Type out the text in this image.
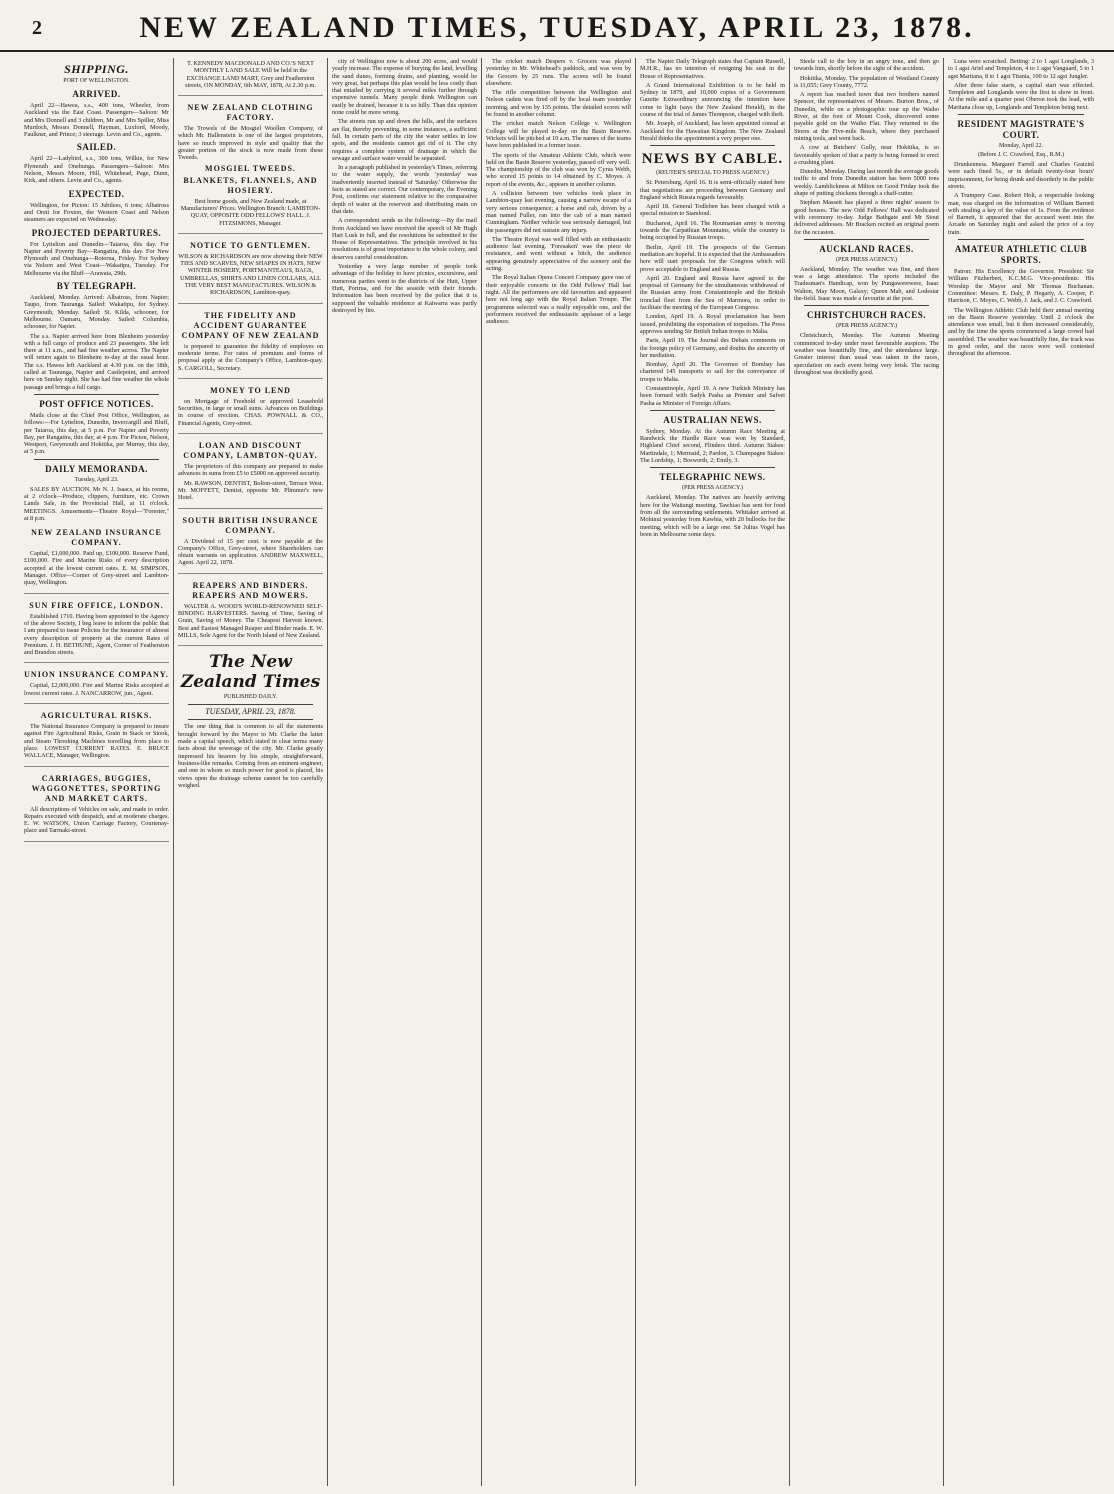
2	NEW ZEALAND TIMES, TUESDAY, APRIL 23, 1878.
SHIPPING.
PORT OF WELLINGTON.
ARRIVED.
April 22—Hawea, s.s., 400 tons, Wheeler, from Auckland via the East Coast. Passengers—Saloon: Mr and Mrs Donnell and 3 children, Mr and Mrs Spiller, Miss Murdoch, Messrs Donnell, Hayman, Luxford, Moody, Faulkner, and Prince; 3 steerage. Levin and Co., agents.
SAILED.
April 22—Ladybird, s.s., 300 tons, Wilkie, for New Plymouth and Onehunga. Passengers—Saloon: Mrs Nelson, Messrs Moore, Hill, Whitehead, Page, Dunn, Kirk, and others. Levin and Co., agents.
EXPECTED.
Wellington, for Picton: 15 Jubilees, 6 tons; Albatross and Oreti for Foxton, the Western Coast and Nelson steamers are expected on Wednesday.
PROJECTED DEPARTURES.
For Lyttelton and Dunedin—Taiaroa, this day. For Napier and Poverty Bay—Rangatira, this day. For New Plymouth and Onehunga—Rotorua, Friday. For Sydney via Nelson and West Coast—Wakatipu, Tuesday. For Melbourne via the Bluff—Arawata, 29th.
BY TELEGRAPH.
Auckland, Monday. Arrived: Albatross, from Napier; Taupo, from Tauranga. Sailed: Wakatipu, for Sydney. Greymouth, Monday. Sailed: St. Kilda, schooner, for Melbourne. Oamaru, Monday. Sailed: Columbia, schooner, for Napier.
The s.s. Napier arrived here from Blenheim yesterday with a full cargo of produce and 23 passengers. She left there at 11 a.m., and had fine weather across. The Napier will return again to Blenheim to-day at the usual hour. The s.s. Hawea left Auckland at 4.30 p.m. on the 18th, called at Tauranga, Napier and Castlepoint, and arrived here on Sunday night. She has had fine weather the whole passage and brings a full cargo.
POST OFFICE NOTICES.
Mails close at the Chief Post Office, Wellington, as follows:—For Lyttelton, Dunedin, Invercargill and Bluff, per Taiaroa, this day, at 5 p.m. For Napier and Poverty Bay, per Rangatira, this day, at 4 p.m. For Picton, Nelson, Westport, Greymouth and Hokitika, per Murray, this day, at 5 p.m.
DAILY MEMORANDA.
Tuesday, April 23.
SALES BY AUCTION. Mr N. J. Isaacs, at his rooms, at 2 o'clock—Produce, clippers, furniture, etc. Crown Lands Sale, in the Provincial Hall, at 11 o'clock. MEETINGS. Amusements—Theatre Royal—"Forester," at 8 p.m.
NEW ZEALAND INSURANCE COMPANY.
Capital, £1,000,000. Paid up, £100,000. Reserve Fund, £100,000. Fire and Marine Risks of every description accepted at the lowest current rates. E. M. SIMPSON, Manager. Office—Corner of Grey-street and Lambton-quay, Wellington.
SUN FIRE OFFICE, LONDON.
Established 1710. Having been appointed to the Agency of the above Society, I beg leave to inform the public that I am prepared to issue Policies for the insurance of almost every description of property at the current Rates of Premium. J. H. BETHUNE, Agent, Corner of Featherston and Brandon streets.
UNION INSURANCE COMPANY.
Capital, £2,000,000. Fire and Marine Risks accepted at lowest current rates. J. NANCARROW, jun., Agent.
AGRICULTURAL RISKS.
The National Insurance Company is prepared to insure against Fire Agricultural Risks, Grain in Stack or Stook, and Steam Threshing Machines travelling from place to place. LOWEST CURRENT RATES. E. BRUCE WALLACE, Manager, Wellington.
CARRIAGES, BUGGIES, WAGGONETTES, SPORTING AND MARKET CARTS.
All descriptions of Vehicles on sale, and made to order. Repairs executed with despatch, and at moderate charges. E. W. WATSON, Union Carriage Factory, Courtenay-place and Tarrnaki-street.
T. KENNEDY MACDONALD AND CO.'S NEXT MONTHLY LAND SALE Will be held in the EXCHANGE LAND MART, Grey and Featherston streets, ON MONDAY, 6th MAY, 1878, At 2.30 p.m.
NEW ZEALAND CLOTHING FACTORY.
The Trowels of the Mosgiel Woollen Company, of which Mr. Hallenstein is one of the largest proprietors, have so much improved in style and quality that the greater portion of the stock is now made from these Tweeds.
MOSGIEL TWEEDS.
BLANKETS, FLANNELS, AND HOSIERY.
Best home goods, and New Zealand made, at Manufacturers' Prices. Wellington Branch: LAMBTON-QUAY, OPPOSITE ODD FELLOWS' HALL. J. FITZSIMONS, Manager.
NOTICE TO GENTLEMEN.
WILSON & RICHARDSON are now showing their NEW TIES AND SCARVES, NEW SHAPES IN HATS, NEW WINTER HOSIERY, PORTMANTEAUS, BAGS, UMBRELLAS, SHIRTS AND LINEN COLLARS, ALL THE VERY BEST MANUFACTURES. WILSON & RICHARDSON, Lambton-quay.
THE FIDELITY AND ACCIDENT GUARANTEE COMPANY OF NEW ZEALAND
is prepared to guarantee the fidelity of employes on moderate terms. For rates of premium and forms of proposal apply at the Company's Office, Lambton-quay. S. CARGOLL, Secretary.
MONEY TO LEND
on Mortgage of Freehold or approved Leasehold Securities, in large or small sums. Advances on Buildings in course of erection. CHAS. POWNALL & CO., Financial Agents, Grey-street.
LOAN AND DISCOUNT COMPANY, LAMBTON-QUAY.
The proprietors of this company are prepared to make advances in sums from £5 to £5000 on approved security.
Mr. RAWSON, DENTIST, Bolton-street, Terrace West. Mr. MOFFETT, Dentist, opposite Mr. Plimmer's new Hotel.
SOUTH BRITISH INSURANCE COMPANY.
A Dividend of 15 per cent. is now payable at the Company's Office, Grey-street, where Shareholders can obtain warrants on application. ANDREW MAXWELL, Agent. April 22, 1878.
REAPERS AND BINDERS. REAPERS AND MOWERS.
WALTER A. WOOD'S WORLD-RENOWNED SELF-BINDING HARVESTERS. Saving of Time, Saving of Grain, Saving of Money. The Cheapest Harvest known. Best and Easiest Managed Reaper and Binder made. E. W. MILLS, Sole Agent for the North Island of New Zealand.
The New Zealand Times
PUBLISHED DAILY.
TUESDAY, APRIL 23, 1878.
The one thing that is common to all the statements brought forward by the Mayor to Mr. Clarke the latter made a capital speech, which stated in clear terms many facts about the sewerage of the city. Mr. Clarke greatly impressed his hearers by his simple, straightforward, business-like remarks. Coming from an eminent engineer, and one in whom so much power for good is placed, his views upon the drainage scheme cannot be too carefully weighed.
city of Wellington now is about 200 acres, and would yearly increase. The expense of burying the land, levelling the sand dunes, forming drains, and planting, would be very great, but perhaps this plan would be less costly than that entailed by carrying it several miles further through expensive tunnels. Many people think Wellington can easily be drained, because it is so hilly. Than this opinion none could be more wrong.
The streets run up and down the hills, and the surfaces are flat, thereby preventing, in some instances, a sufficient fall. In certain parts of the city the water settles in low spots, and the residents cannot get rid of it. The city requires a complete system of drainage in which the sewage and surface water would be separated.
In a paragraph published in yesterday's Times, referring to the water supply, the words 'yesterday' was inadvertently inserted instead of 'Saturday.' Otherwise the facts as stated are correct. Our contemporary, the Evening Post, confirms our statement relative to the comparative depth of water at the reservoir and distributing main on that date.
A correspondent sends us the following:—By the mail from Auckland we have received the speech of Mr Hugh Hart Lusk in full, and the resolutions he submitted to the House of Representatives. The principle involved in his resolutions is of great importance to the whole colony, and deserves careful consideration.
Yesterday a very large number of people took advantage of the holiday to have picnics, excursions, and numerous parties went to the districts of the Hutt, Upper Hutt, Porirua, and for the seaside with their friends. Information has been received by the police that it is supposed the valuable residence at Kaiwarra was partly destroyed by fire.
The cricket match Despers v. Grocers was played yesterday in Mr. Whitehead's paddock, and was won by the Grocers by 25 runs. The scores will be found elsewhere.
The rifle competition between the Wellington and Nelson cadets was fired off by the local team yesterday morning, and won by 135 points. The detailed scores will be found in another column.
The cricket match Nelson College v. Wellington College will be played to-day on the Basin Reserve. Wickets will be pitched at 10 a.m. The names of the teams have been published in a former issue.
The sports of the Amateur Athletic Club, which were held on the Basin Reserve yesterday, passed off very well. The championship of the club was won by Cyrus Webb, who scored 15 points to 14 obtained by C. Moyes. A report of the events, &c., appears in another column.
A collision between two vehicles took place in Lambton-quay last evening, causing a narrow escape of a very serious consequence; a horse and cab, driven by a man named Fuller, ran into the cab of a man named Cunningham. Neither vehicle was seriously damaged, but the passengers did not sustain any injury.
The Theatre Royal was well filled with an enthusiastic audience last evening. 'Foresaken' was the piece de resistance, and went without a hitch, the audience appearing genuinely appreciative of the scenery and the acting.
The Royal Italian Opera Concert Company gave one of their enjoyable concerts in the Odd Fellows' Hall last night. All the performers are old favourites and appeared here not long ago with the Royal Italian Troupe. The programme selected was a really enjoyable one, and the performers received the enthusiastic applause of a large audience.
The Napier Daily Telegraph states that Captain Russell, M.H.R., has no intention of resigning his seat in the House of Representatives.
A Grand International Exhibition is to be held in Sydney in 1879, and 10,000 copies of a Government Gazette Extraordinary announcing the intention have come to light (says the New Zealand Herald), in the course of the trial of James Thompson, charged with theft.
Mr. Joseph, of Auckland, has been appointed consul at Auckland for the Hawaiian Kingdom. The New Zealand Herald thinks the appointment a very proper one.
NEWS BY CABLE.
(REUTER'S SPECIAL TO PRESS AGENCY.)
St. Petersburg, April 16. It is semi-officially stated here that negotiations are proceeding between Germany and England which Russia regards favourably.
April 18. General Todleben has been charged with a special mission to Stamboul.
Bucharest, April 16. The Roumanian army is moving towards the Carpathian Mountains, while the country is being occupied by Russian troops.
Berlin, April 19. The prospects of the German mediation are hopeful. It is expected that the Ambassadors here will start proposals for the Congress which will prove acceptable to England and Russia.
April 20. England and Russia have agreed to the proposal of Germany for the simultaneous withdrawal of the Russian army from Constantinople and the British ironclad fleet from the Sea of Marmora, in order to facilitate the meeting of the European Congress.
London, April 19. A Royal proclamation has been issued, prohibiting the exportation of torpedoes. The Press approves sending Sir British Indian troops to Malta.
Paris, April 19. The Journal des Debats comments on the foreign policy of Germany, and doubts the sincerity of her mediation.
Bombay, April 20. The Governor of Bombay has chartered 145 transports to sail for the conveyance of troops to Malta.
Constantinople, April 19. A new Turkish Ministry has been formed with Sadyk Pasha as Premier and Safvet Pasha as Minister of Foreign Affairs.
AUSTRALIAN NEWS.
Sydney, Monday. At the Autumn Race Meeting at Randwick the Hurdle Race was won by Standard, Highland Chief second, Flinders third. Autumn Stakes: Martindale, 1; Mermaid, 2; Pardon, 3. Champagne Stakes: The Lordship, 1; Bosworth, 2; Emily, 3.
TELEGRAPHIC NEWS.
(PER PRESS AGENCY.)
Auckland, Monday. The natives are heavily arriving here for the Waitangi meeting. Tawhiao has sent for food from all the surrounding settlements. Whitaker arrived at Mohinui yesterday from Kawhia, with 20 bullocks for the meeting, which will be a large one. Sir Julius Vogel has been in Melbourne some days.
Steele call to the boy in an angry tone, and then go towards him, shortly before the sight of the accident.
Hokitika, Monday. The population of Westland County is 11,055; Grey County, 7772.
A report has reached town that two brothers named Spencer, the representatives of Messrs. Burton Bros., of Dunedin, while on a photographic tour up the Waiho River, at the foot of Mount Cook, discovered some payable gold on the Waiho Flat. They returned to the Stores at the Five-mile Beach, where they purchased mining tools, and went back.
A cow at Butchers' Gully, near Hokitika, is so favourably spoken of that a party is being formed to erect a crushing plant.
Dunedin, Monday. During last month the average goods traffic to and from Dunedin station has been 5000 tons weekly. Lamblickness at Milton on Good Friday took the shape of putting chickens through a chaff-cutter.
Stephen Massett has played a three nights' season to good houses. The new Odd Fellows' Hall was dedicated with ceremony to-day. Judge Bathgate and Mr Stout delivered addresses. Mr Bracken recited an original poem for the occasion.
AUCKLAND RACES.
(PER PRESS AGENCY.)
Auckland, Monday. The weather was fine, and there was a large attendance. The sports included the Tradesman's Handicap, won by Pungawerewere, Isaac Walton, May Moon, Galaxy; Queen Mab, and Lodestar the-field. Isaac was made a favourite at the post.
CHRISTCHURCH RACES.
(PER PRESS AGENCY.)
Christchurch, Monday. The Autumn Meeting commenced to-day under most favourable auspices. The weather was beautifully fine, and the attendance large. Greater interest than usual was taken in the races, speculation on each event being very brisk. The racing throughout was decidedly good.
Luna were scratched. Betting: 2 to 1 agst Longlands, 3 to 1 agst Ariel and Templeton, 4 to 1 agst Vanguard, 5 to 1 agst Maritana, 8 to 1 agst Titania, 100 to 12 agst Jungler.
After three false starts, a capital start was effected. Templeton and Longlands were the first to show in front. At the mile and a quarter post Oberon took the lead, with Maritana close up, Longlands and Templeton being next.
RESIDENT MAGISTRATE'S COURT.
Monday, April 22.
(Before J. C. Crawford, Esq., R.M.)
Drunkenness. Margaret Farrell and Charles Gratzinl were each fined 5s., or in default twenty-four hours' imprisonment, for being drunk and disorderly in the public streets.
A Trumpery Case. Robert Holt, a respectable looking man, was charged on the information of William Barnett with stealing a key of the value of 1s. From the evidence of Barnett, it appeared that the accused went into the Arcade on Saturday night and asked the price of a toy train.
AMATEUR ATHLETIC CLUB SPORTS.
Patron: His Excellency the Governor. President: Sir William Fitzherbert, K.C.M.G. Vice-presidents: His Worship the Mayor and Mr Thomas Buchanan. Committee: Messrs. E. Daly, P. Hegarty, A. Cooper, F. Harrison, C. Moyes, C. Webb, J. Jack, and J. C. Crawford.
The Wellington Athletic Club held their annual meeting on the Basin Reserve yesterday. Until 2 o'clock the attendance was small, but it then increased considerably, and by the time the sports commenced a large crowd had assembled. The weather was beautifully fine, the track was in good order, and the races were well contested throughout the afternoon.
